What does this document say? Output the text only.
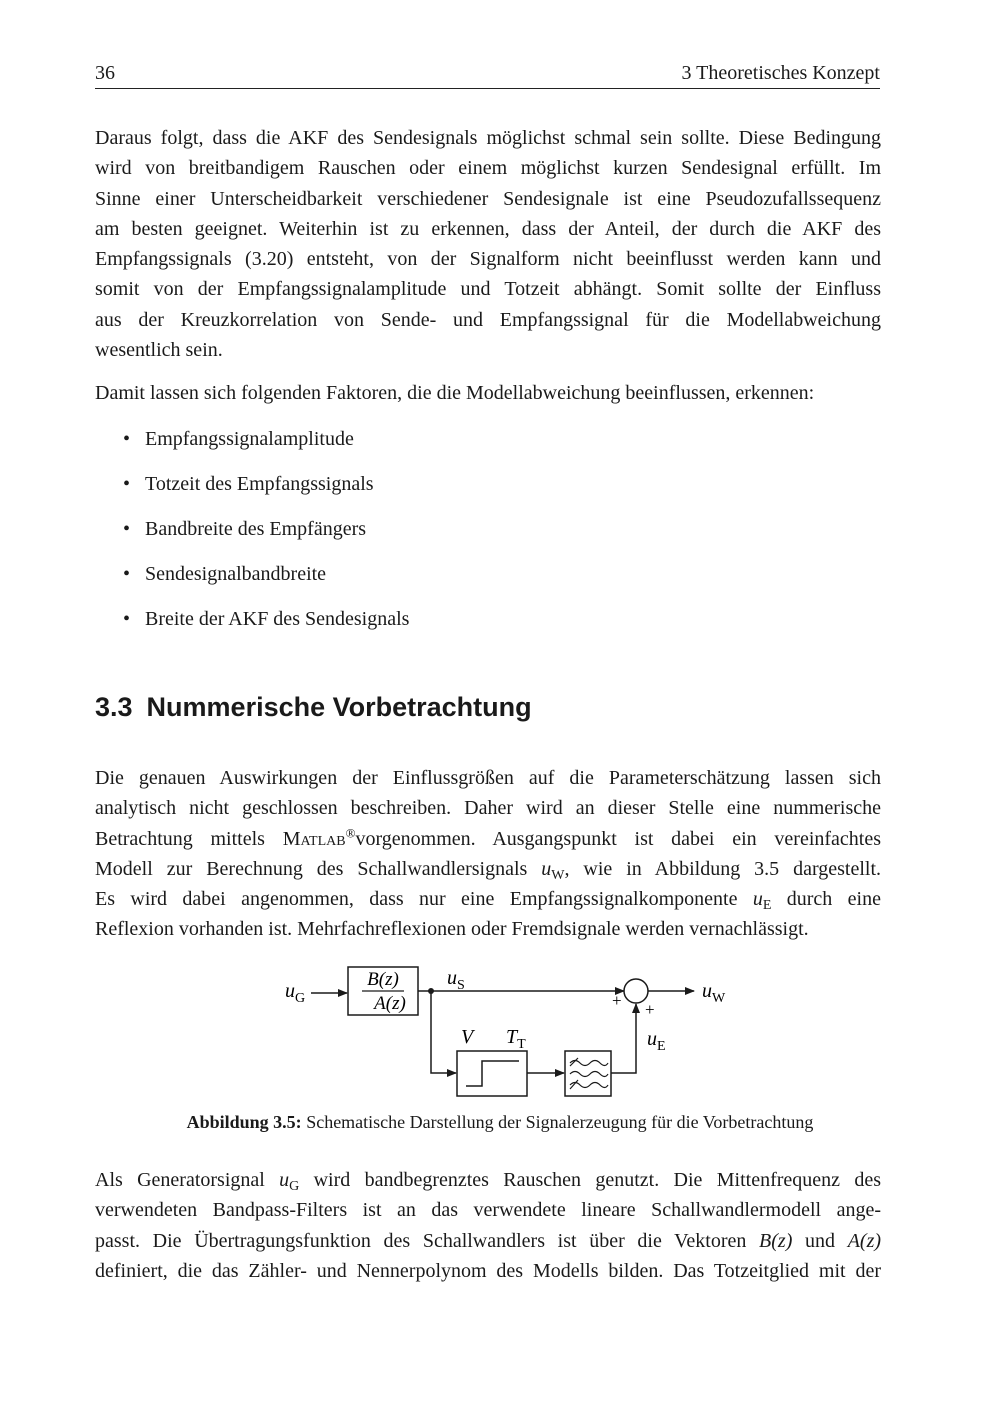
36	3 Theoretisches Konzept
Daraus folgt, dass die AKF des Sendesignals möglichst schmal sein sollte. Diese Bedingung
wird von breitbandigem Rauschen oder einem möglichst kurzen Sendesignal erfüllt. Im
Sinne einer Unterscheidbarkeit verschiedener Sendesignale ist eine Pseudozufallssequenz
am besten geeignet. Weiterhin ist zu erkennen, dass der Anteil, der durch die AKF des
Empfangssignals (3.20) entsteht, von der Signalform nicht beeinflusst werden kann und
somit von der Empfangssignalamplitude und Totzeit abhängt. Somit sollte der Einfluss
aus der Kreuzkorrelation von Sende- und Empfangssignal für die Modellabweichung
wesentlich sein.
Damit lassen sich folgenden Faktoren, die die Modellabweichung beeinflussen, erkennen:
• Empfangssignalamplitude
• Totzeit des Empfangssignals
• Bandbreite des Empfängers
• Sendesignalbandbreite
• Breite der AKF des Sendesignals
3.3 Nummerische Vorbetrachtung
Die genauen Auswirkungen der Einflussgrößen auf die Parameterschätzung lassen sich
analytisch nicht geschlossen beschreiben. Daher wird an dieser Stelle eine nummerische
Betrachtung mittels Matlab®vorgenommen. Ausgangspunkt ist dabei ein vereinfachtes
Modell zur Berechnung des Schallwandlersignals $u_W$, wie in Abbildung 3.5 dargestellt.
Es wird dabei angenommen, dass nur eine Empfangssignalkomponente $u_E$ durch eine
Reflexion vorhanden ist. Mehrfachreflexionen oder Fremdsignale werden vernachlässigt.
$u_G$
B(z)
A(z)
$u_S$
+ +
$u_W$
V $T_T$	$u_E$
Abbildung 3.5: Schematische Darstellung der Signalerzeugung für die Vorbetrachtung
Als Generatorsignal $u_G$ wird bandbegrenztes Rauschen genutzt. Die Mittenfrequenz des
verwendeten Bandpass-Filters ist an das verwendete lineare Schallwandlermodell ange-
passt. Die Übertragungsfunktion des Schallwandlers ist über die Vektoren B(z) und A(z)
definiert, die das Zähler- und Nennerpolynom des Modells bilden. Das Totzeitglied mit der
